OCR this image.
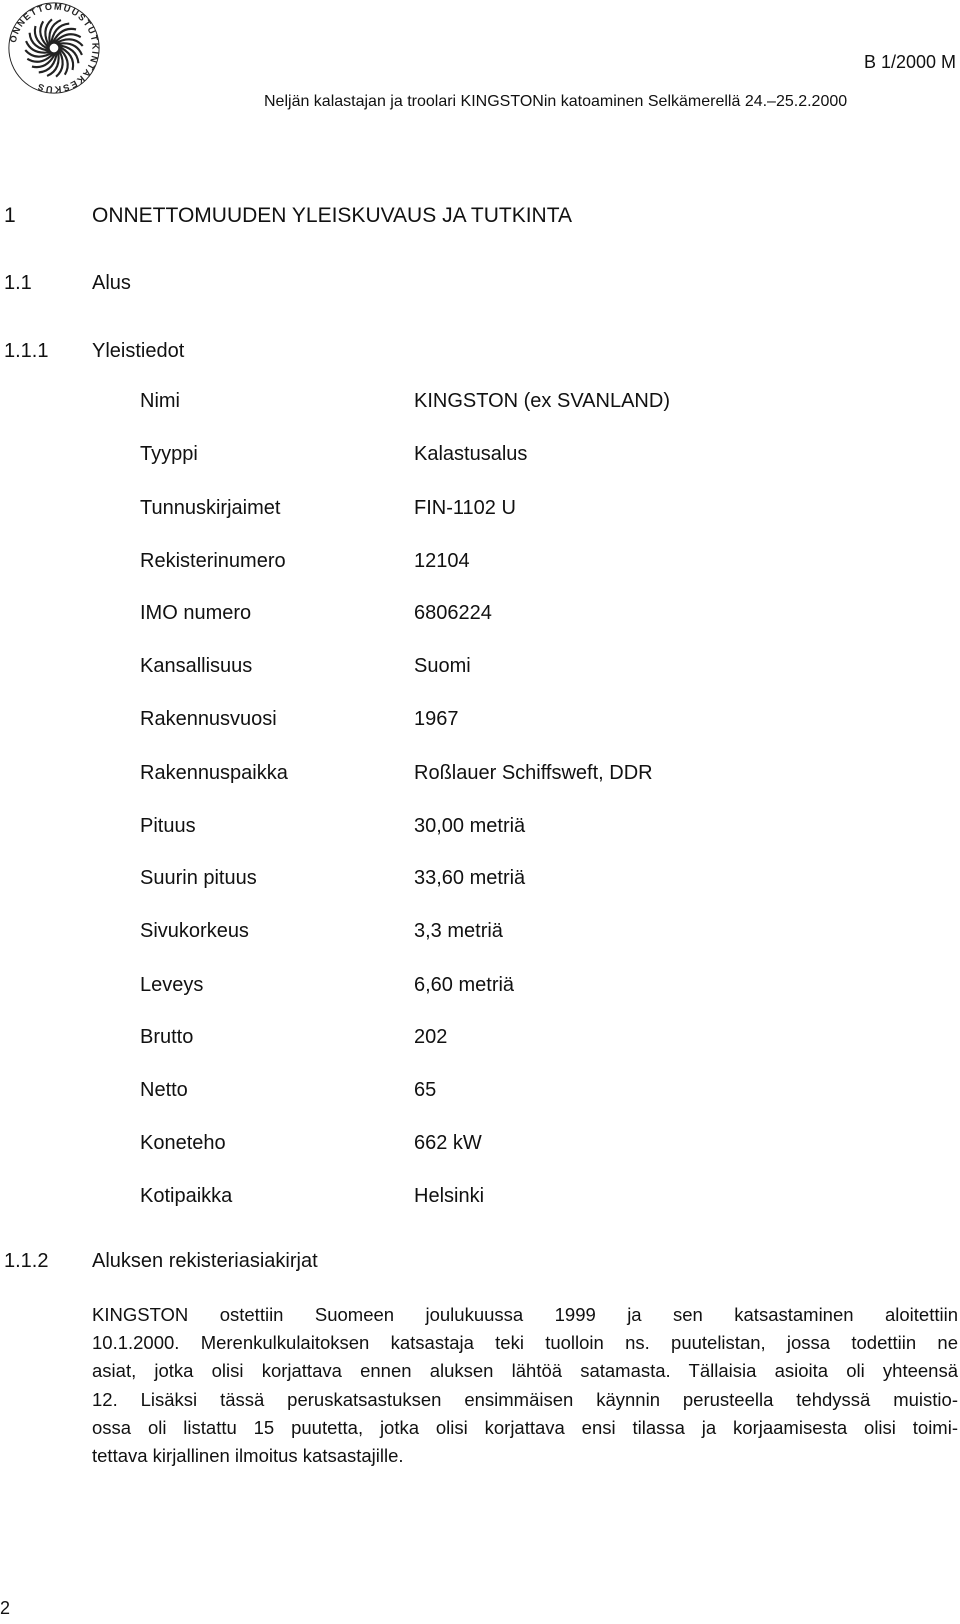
ONNETTOMUUSTUTKINTAKESKUS
B 1/2000 M
Neljän kalastajan ja troolari KINGSTONin katoaminen Selkämerellä 24.–25.2.2000
1	ONNETTOMUUDEN YLEISKUVAUS JA TUTKINTA
1.1	Alus
1.1.1 Yleistiedot
Nimi	KINGSTON (ex SVANLAND)
Tyyppi	Kalastusalus
Tunnuskirjaimet	FIN-1102 U
Rekisterinumero	12104
IMO numero	6806224
Kansallisuus	Suomi
Rakennusvuosi	1967
Rakennuspaikka	Roßlauer Schiffsweft, DDR
Pituus	30,00 metriä
Suurin pituus	33,60 metriä
Sivukorkeus	3,3 metriä
Leveys	6,60 metriä
Brutto	202
Netto	65
Koneteho	662 kW
Kotipaikka	Helsinki
1.1.2 Aluksen rekisteriasiakirjat
KINGSTON ostettiin Suomeen joulukuussa 1999 ja sen katsastaminen aloitettiin
10.1.2000. Merenkulkulaitoksen katsastaja teki tuolloin ns. puutelistan, jossa todettiin ne
asiat, jotka olisi korjattava ennen aluksen lähtöä satamasta. Tällaisia asioita oli yhteensä
12. Lisäksi tässä peruskatsastuksen ensimmäisen käynnin perusteella tehdyssä muistio-
ossa oli listattu 15 puutetta, jotka olisi korjattava ensi tilassa ja korjaamisesta olisi toimi-
tettava kirjallinen ilmoitus katsastajille.
2
